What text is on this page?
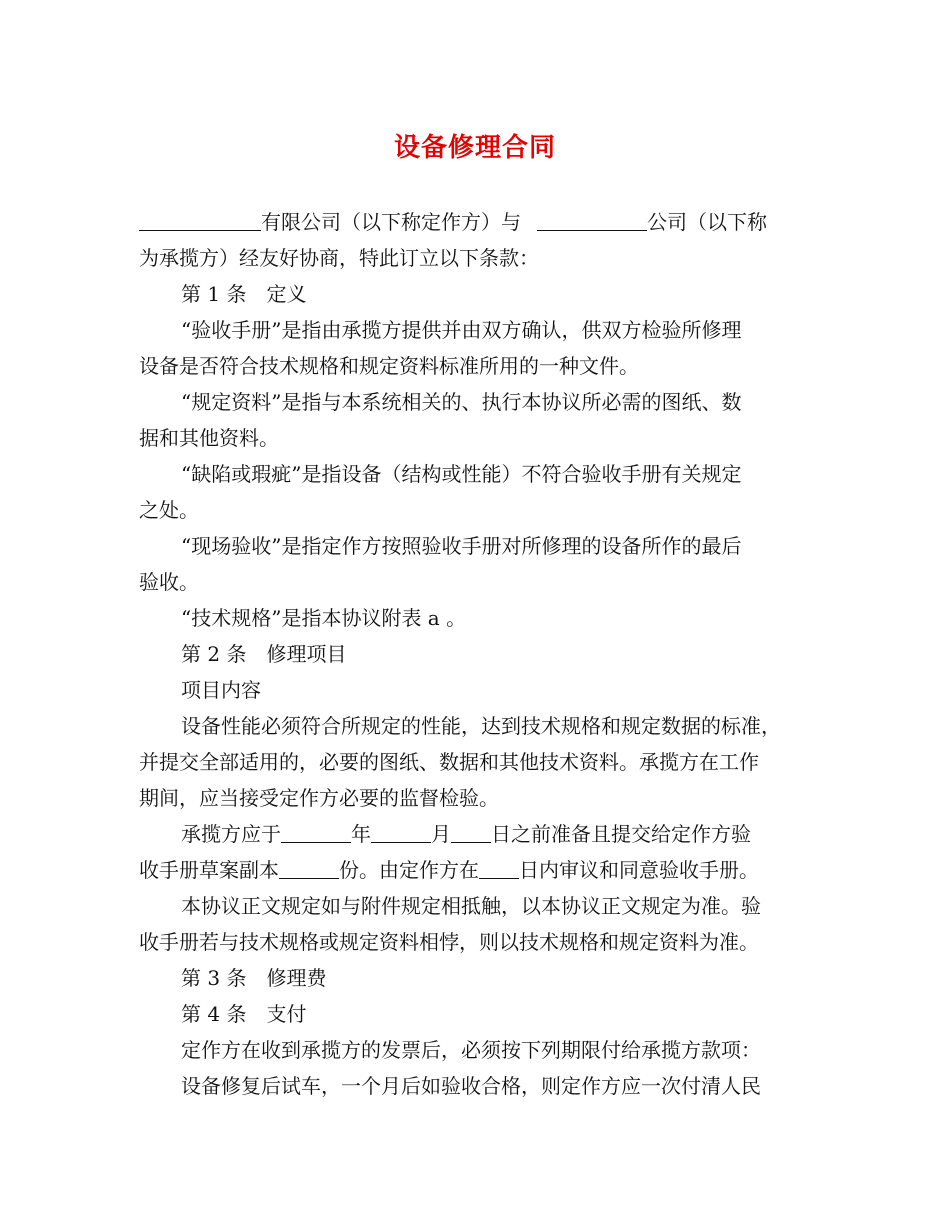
设备修理合同
有限公司（以下称定作方）与	公司（以下称
为承揽方）经友好协商，特此订立以下条款：
第 1 条　定义
“验收手册”是指由承揽方提供并由双方确认，供双方检验所修理
设备是否符合技术规格和规定资料标准所用的一种文件。
“规定资料”是指与本系统相关的、执行本协议所必需的图纸、数
据和其他资料。
“缺陷或瑕疵”是指设备（结构或性能）不符合验收手册有关规定
之处。
“现场验收”是指定作方按照验收手册对所修理的设备所作的最后
验收。
“技术规格”是指本协议附表 a 。
第 2 条　修理项目
项目内容
设备性能必须符合所规定的性能，达到技术规格和规定数据的标准，
并提交全部适用的，必要的图纸、数据和其他技术资料。承揽方在工作
期间，应当接受定作方必要的监督检验。
承揽方应于	年	月 日之前准备且提交给定作方验
收手册草案副本	份。由定作方在 日内审议和同意验收手册。
本协议正文规定如与附件规定相抵触，以本协议正文规定为准。验
收手册若与技术规格或规定资料相悖，则以技术规格和规定资料为准。
第 3 条　修理费
第 4 条　支付
定作方在收到承揽方的发票后，必须按下列期限付给承揽方款项：
设备修复后试车，一个月后如验收合格，则定作方应一次付清人民
